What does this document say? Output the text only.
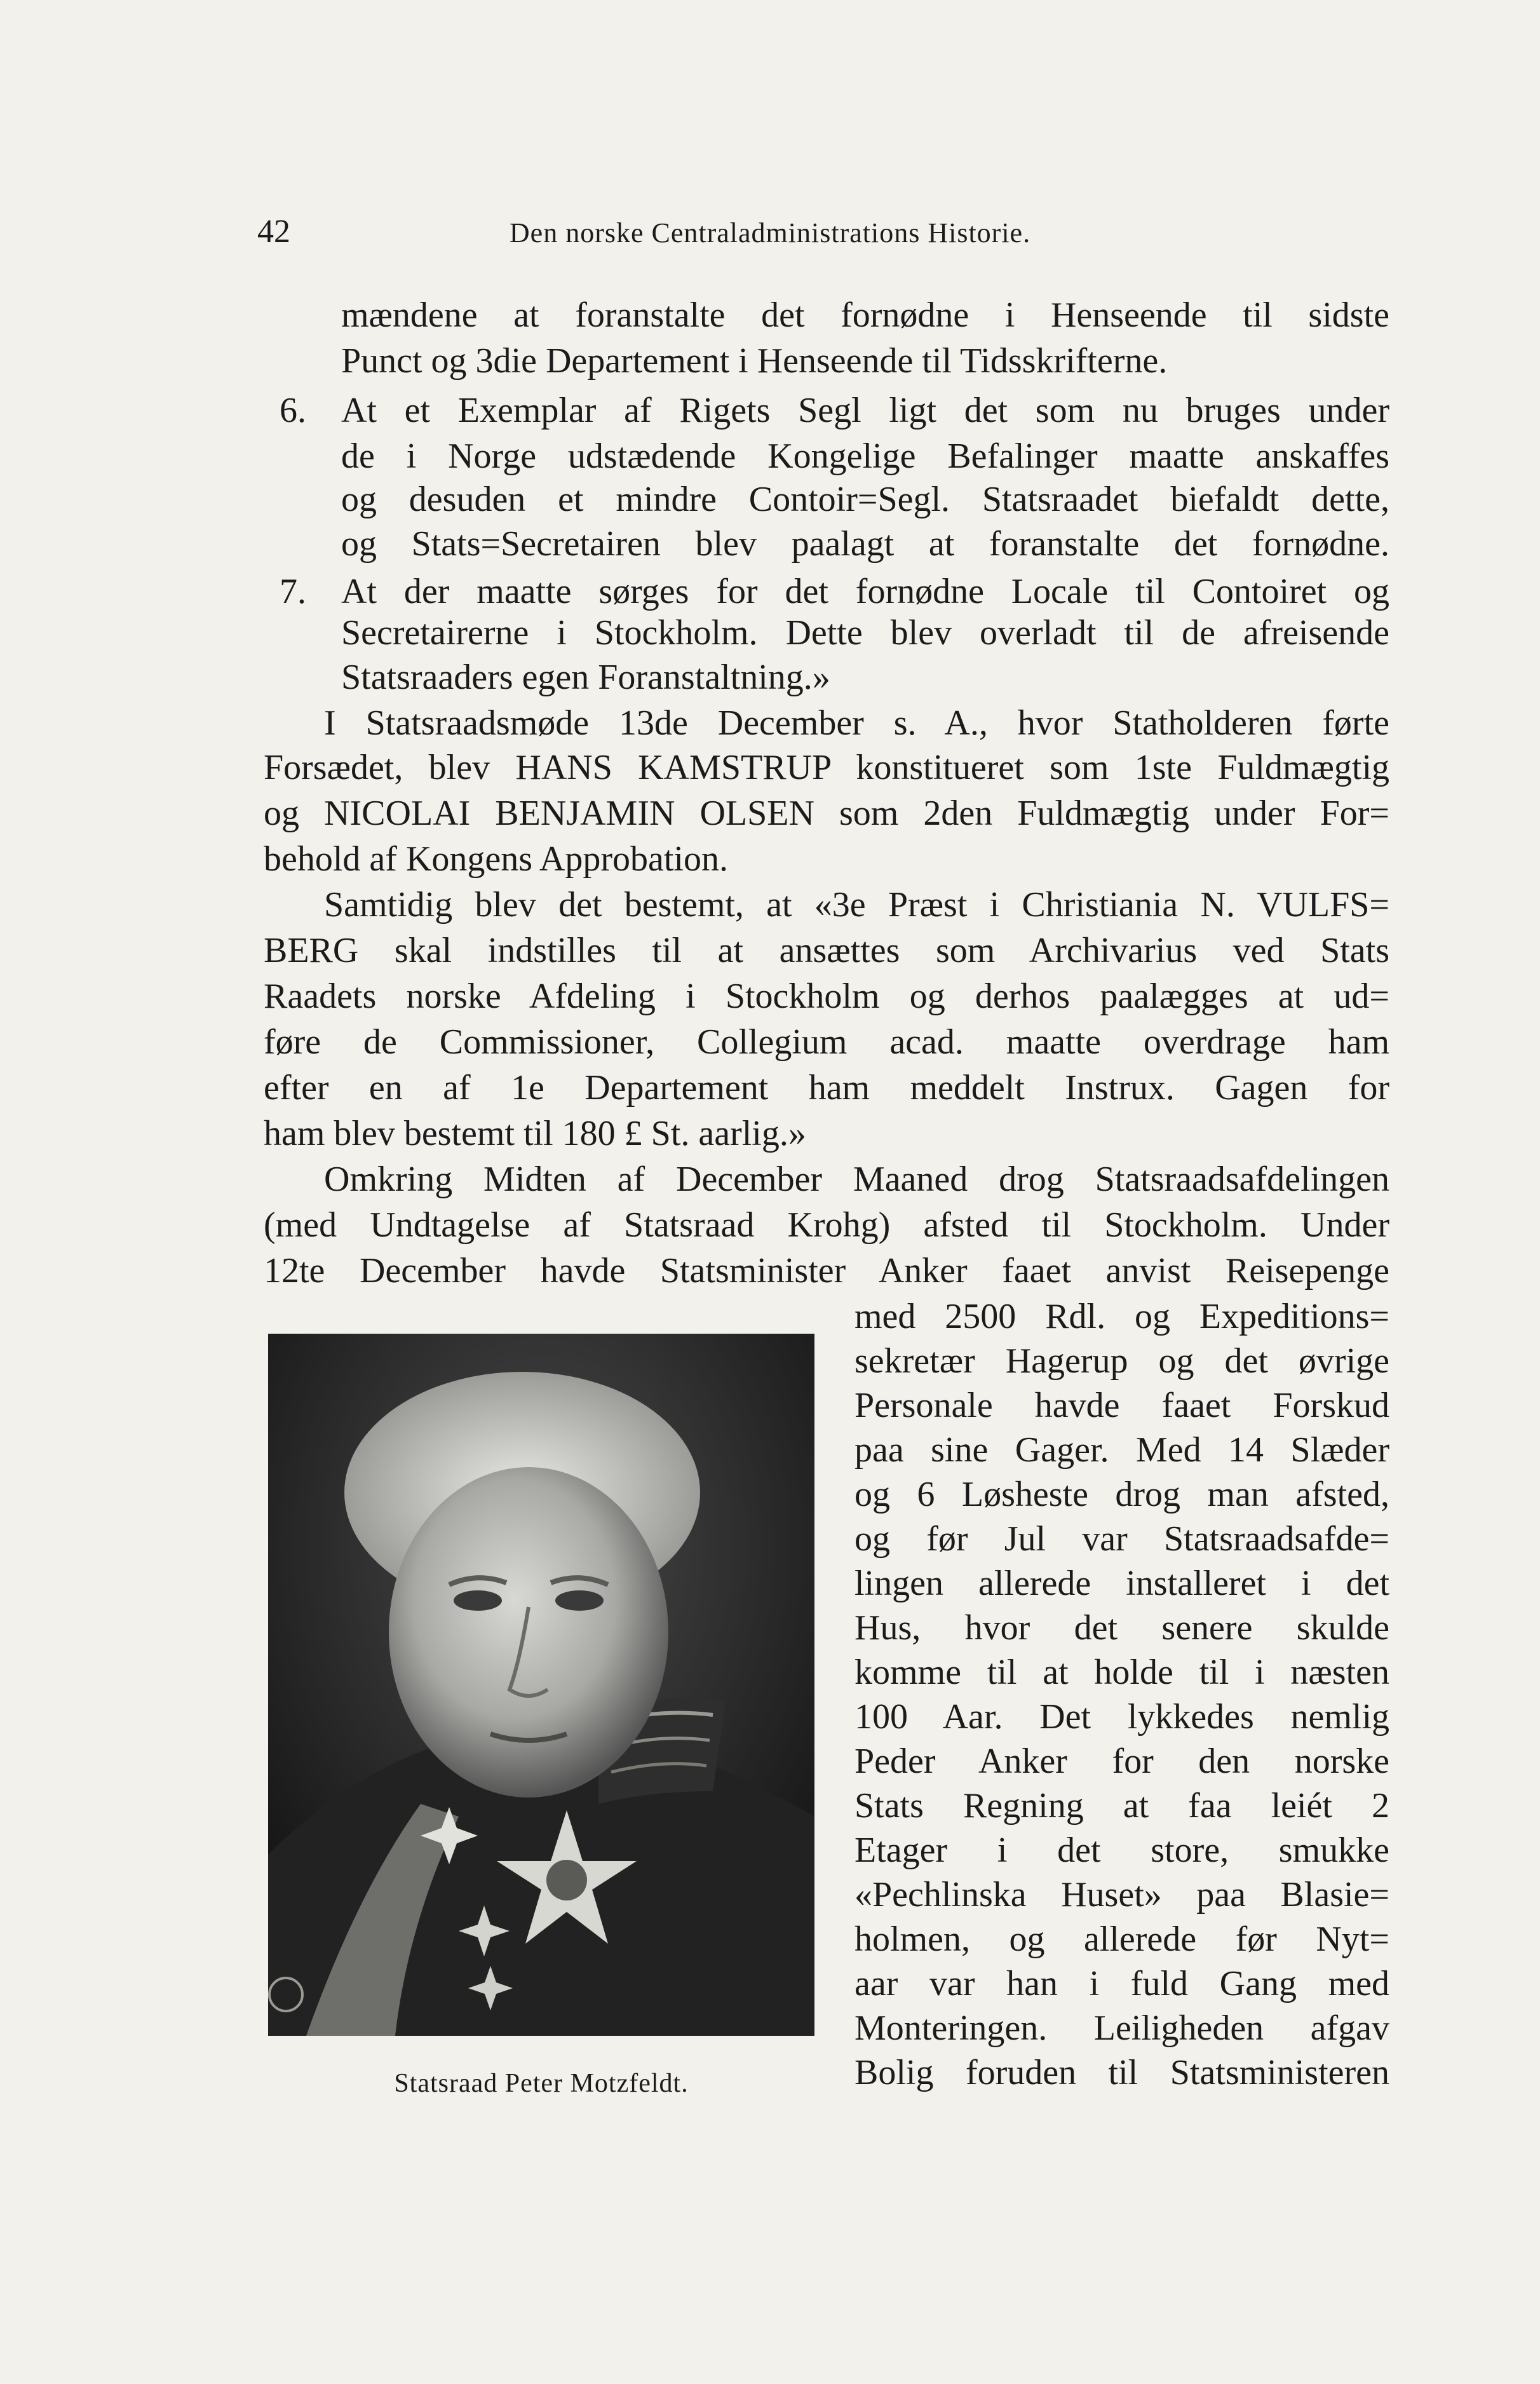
42	Den norske Centraladministrations Historie.
6.
7.
mændene at foranstalte det fornødne i Henseende til sidste
Punct og 3die Departement i Henseende til Tidsskrifterne.
At et Exemplar af Rigets Segl ligt det som nu bruges under
de i Norge udstædende Kongelige Befalinger maatte anskaffes
og desuden et mindre Contoir=Segl. Statsraadet biefaldt dette,
og Stats=Secretairen blev paalagt at foranstalte det fornødne.
At der maatte sørges for det fornødne Locale til Contoiret og
Secretairerne i Stockholm. Dette blev overladt til de afreisende
Statsraaders egen Foranstaltning.»
I Statsraadsmøde 13de December s. A., hvor Statholderen førte
Forsædet, blev HANS KAMSTRUP konstitueret som 1ste Fuldmægtig
og NICOLAI BENJAMIN OLSEN som 2den Fuldmægtig under For=
behold af Kongens Approbation.
Samtidig blev det bestemt, at «3e Præst i Christiania N. VULFS=
BERG skal indstilles til at ansættes som Archivarius ved Stats
Raadets norske Afdeling i Stockholm og derhos paalægges at ud=
føre de Commissioner, Collegium acad. maatte overdrage ham
efter en af 1e Departement ham meddelt Instrux. Gagen for
ham blev bestemt til 180 £ St. aarlig.»
Omkring Midten af December Maaned drog Statsraadsafdelingen
(med Undtagelse af Statsraad Krohg) afsted til Stockholm. Under
12te December havde Statsminister Anker faaet anvist Reisepenge
med 2500 Rdl. og Expeditions=
sekretær Hagerup og det øvrige
Personale havde faaet Forskud
paa sine Gager. Med 14 Slæder
og 6 Løsheste drog man afsted,
og før Jul var Statsraadsafde=
lingen allerede installeret i det
Hus, hvor det senere skulde
komme til at holde til i næsten
100 Aar. Det lykkedes nemlig
Peder Anker for den norske
Stats Regning at faa leiét 2
Etager i det store, smukke
«Pechlinska Huset» paa Blasie=
holmen, og allerede før Nyt=
aar var han i fuld Gang med
Monteringen. Leiligheden afgav
Bolig foruden til Statsministeren
Statsraad Peter Motzfeldt.
